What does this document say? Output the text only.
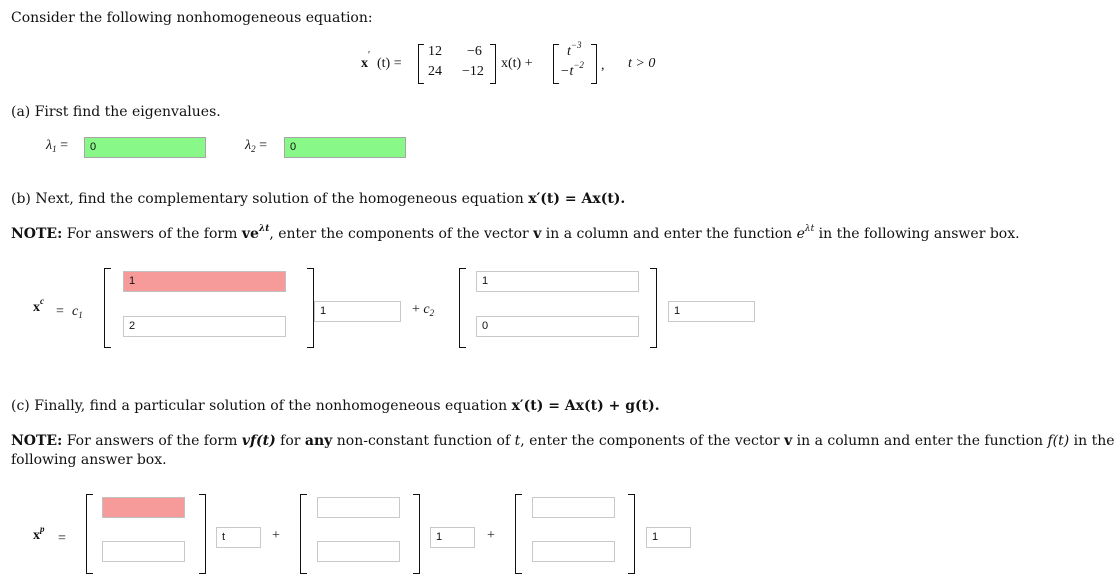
Consider the following nonhomogeneous equation:
x
′
(t) =
12 −6
24 −12
x(t) +
$t^{-3}$
$-t^{-2}$ , t > 0
(a) First find the eigenvalues.
$\lambda_1$ =	0	$\lambda_2$ =	0
(b) Next, find the complementary solution of the homogeneous equation x′(t) = Ax(t).
NOTE: For answers of the form $ve^{\lambda t}$, enter the components of the vector v in a column and enter the function $e^{\lambda t}$ in the following answer box.
$x^c$
= $c_1$
1
2
1	+ $c_2$
1
0
1
(c) Finally, find a particular solution of the nonhomogeneous equation x′(t) = Ax(t) + g(t).
NOTE: For answers of the form vf(t) for any non-constant function of t, enter the components of the vector v in a column and enter the function f(t) in the
following answer box.
$x^p$
=	t	+	1	+	1
